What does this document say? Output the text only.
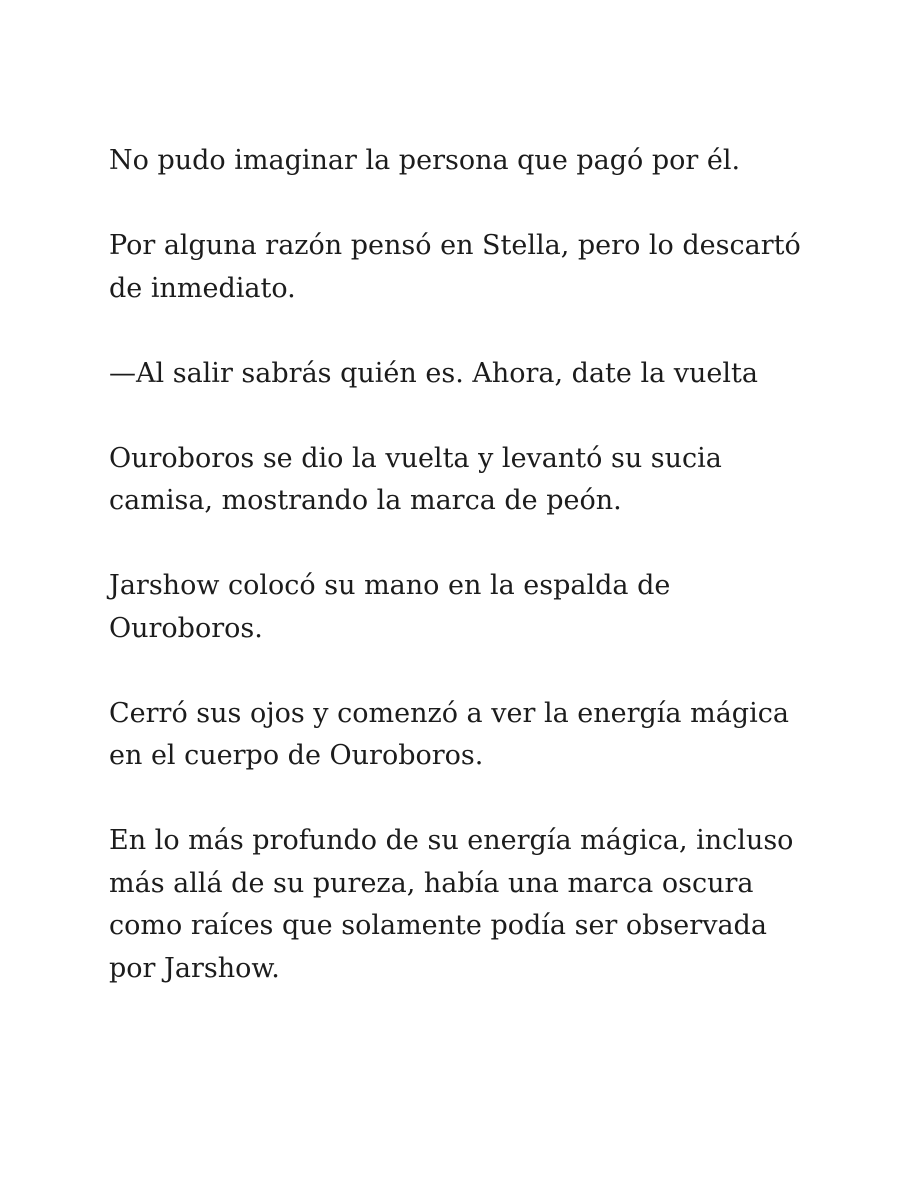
No pudo imaginar la persona que pagó por él.

Por alguna razón pensó en Stella, pero lo descartó de inmediato.

—Al salir sabrás quién es. Ahora, date la vuelta

Ouroboros se dio la vuelta y levantó su sucia camisa, mostrando la marca de peón.

Jarshow colocó su mano en la espalda de Ouroboros.

Cerró sus ojos y comenzó a ver la energía mágica en el cuerpo de Ouroboros.

En lo más profundo de su energía mágica, incluso más allá de su pureza, había una marca oscura como raíces que solamente podía ser observada por Jarshow.
